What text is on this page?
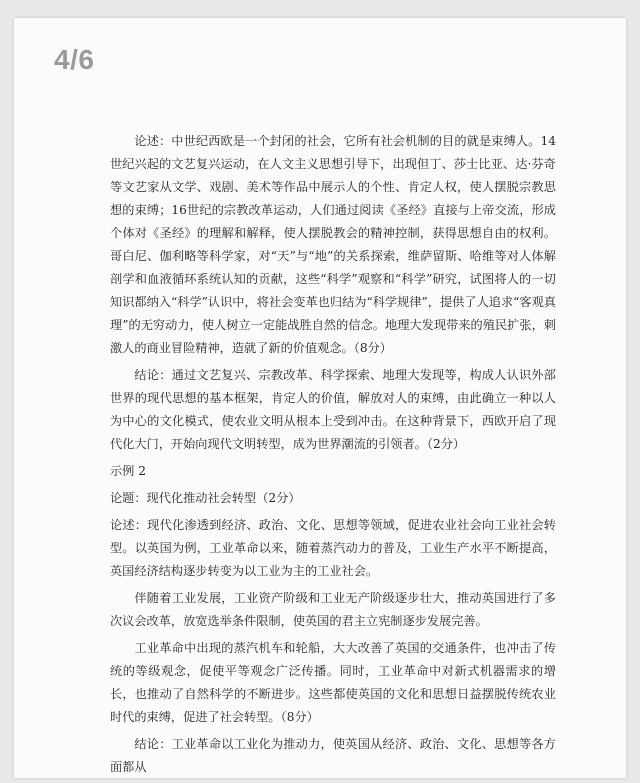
4/6

论述：中世纪西欧是一个封闭的社会，它所有社会机制的目的就是束缚人。14世纪兴起的文艺复兴运动，在人文主义思想引导下，出现但丁、莎士比亚、达·芬奇等文艺家从文学、戏剧、美术等作品中展示人的个性、肯定人权，使人摆脱宗教思想的束缚；16世纪的宗教改革运动，人们通过阅读《圣经》直接与上帝交流，形成个体对《圣经》的理解和解释，使人摆脱教会的精神控制，获得思想自由的权利。哥白尼、伽利略等科学家，对“天”与“地”的关系探索，维萨留斯、哈维等对人体解剖学和血液循环系统认知的贡献，这些“科学”观察和“科学”研究，试图将人的一切知识都纳入“科学”认识中，将社会变革也归结为“科学规律”，提供了人追求“客观真理”的无穷动力，使人树立一定能战胜自然的信念。地理大发现带来的殖民扩张，刺激人的商业冒险精神，造就了新的价值观念。（8分）

结论：通过文艺复兴、宗教改革、科学探索、地理大发现等，构成人认识外部世界的现代思想的基本框架，肯定人的价值，解放对人的束缚，由此确立一种以人为中心的文化模式，使农业文明从根本上受到冲击。在这种背景下，西欧开启了现代化大门，开始向现代文明转型，成为世界潮流的引领者。（2分）

示例 2

论题：现代化推动社会转型（2分）

论述：现代化渗透到经济、政治、文化、思想等领域，促进农业社会向工业社会转型。以英国为例，工业革命以来，随着蒸汽动力的普及，工业生产水平不断提高，英国经济结构逐步转变为以工业为主的工业社会。

伴随着工业发展，工业资产阶级和工业无产阶级逐步壮大，推动英国进行了多次议会改革，放宽选举条件限制，使英国的君主立宪制逐步发展完善。

工业革命中出现的蒸汽机车和轮船，大大改善了英国的交通条件，也冲击了传统的等级观念，促使平等观念广泛传播。同时，工业革命中对新式机器需求的增长，也推动了自然科学的不断进步。这些都使英国的文化和思想日益摆脱传统农业时代的束缚，促进了社会转型。（8分）

结论：工业革命以工业化为推动力，使英国从经济、政治、文化、思想等各方面都从
